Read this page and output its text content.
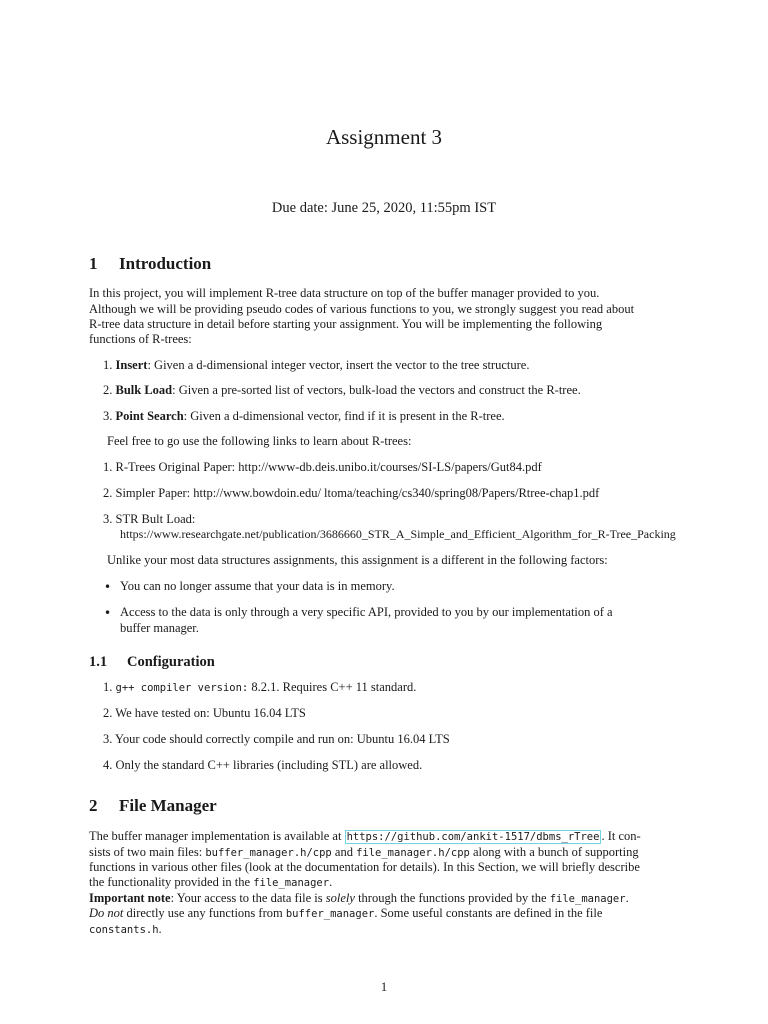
Assignment 3
Due date: June 25, 2020, 11:55pm IST
1 Introduction
In this project, you will implement R-tree data structure on top of the buffer manager provided to you.
Although we will be providing pseudo codes of various functions to you, we strongly suggest you read about
R-tree data structure in detail before starting your assignment. You will be implementing the following
functions of R-trees:
1. Insert: Given a d-dimensional integer vector, insert the vector to the tree structure.
2. Bulk Load: Given a pre-sorted list of vectors, bulk-load the vectors and construct the R-tree.
3. Point Search: Given a d-dimensional vector, find if it is present in the R-tree.
Feel free to go use the following links to learn about R-trees:
1. R-Trees Original Paper: http://www-db.deis.unibo.it/courses/SI-LS/papers/Gut84.pdf
2. Simpler Paper: http://www.bowdoin.edu/ ltoma/teaching/cs340/spring08/Papers/Rtree-chap1.pdf
3. STR Bult Load:
https://www.researchgate.net/publication/3686660_STR_A_Simple_and_Efficient_Algorithm_for_R-Tree_Packing
Unlike your most data structures assignments, this assignment is a different in the following factors:
• You can no longer assume that your data is in memory.
• Access to the data is only through a very specific API, provided to you by our implementation of a
buffer manager.
1.1 Configuration
1. g++ compiler version: 8.2.1. Requires C++ 11 standard.
2. We have tested on: Ubuntu 16.04 LTS
3. Your code should correctly compile and run on: Ubuntu 16.04 LTS
4. Only the standard C++ libraries (including STL) are allowed.
2 File Manager
The buffer manager implementation is available at https://github.com/ankit-1517/dbms_rTree . It con-
sists of two main files: buffer_manager.h/cpp and file_manager.h/cpp along with a bunch of supporting
functions in various other files (look at the documentation for details). In this Section, we will briefly describe
the functionality provided in the file_manager.
Important note: Your access to the data file is solely through the functions provided by the file_manager.
Do not directly use any functions from buffer_manager. Some useful constants are defined in the file
constants.h.
1
